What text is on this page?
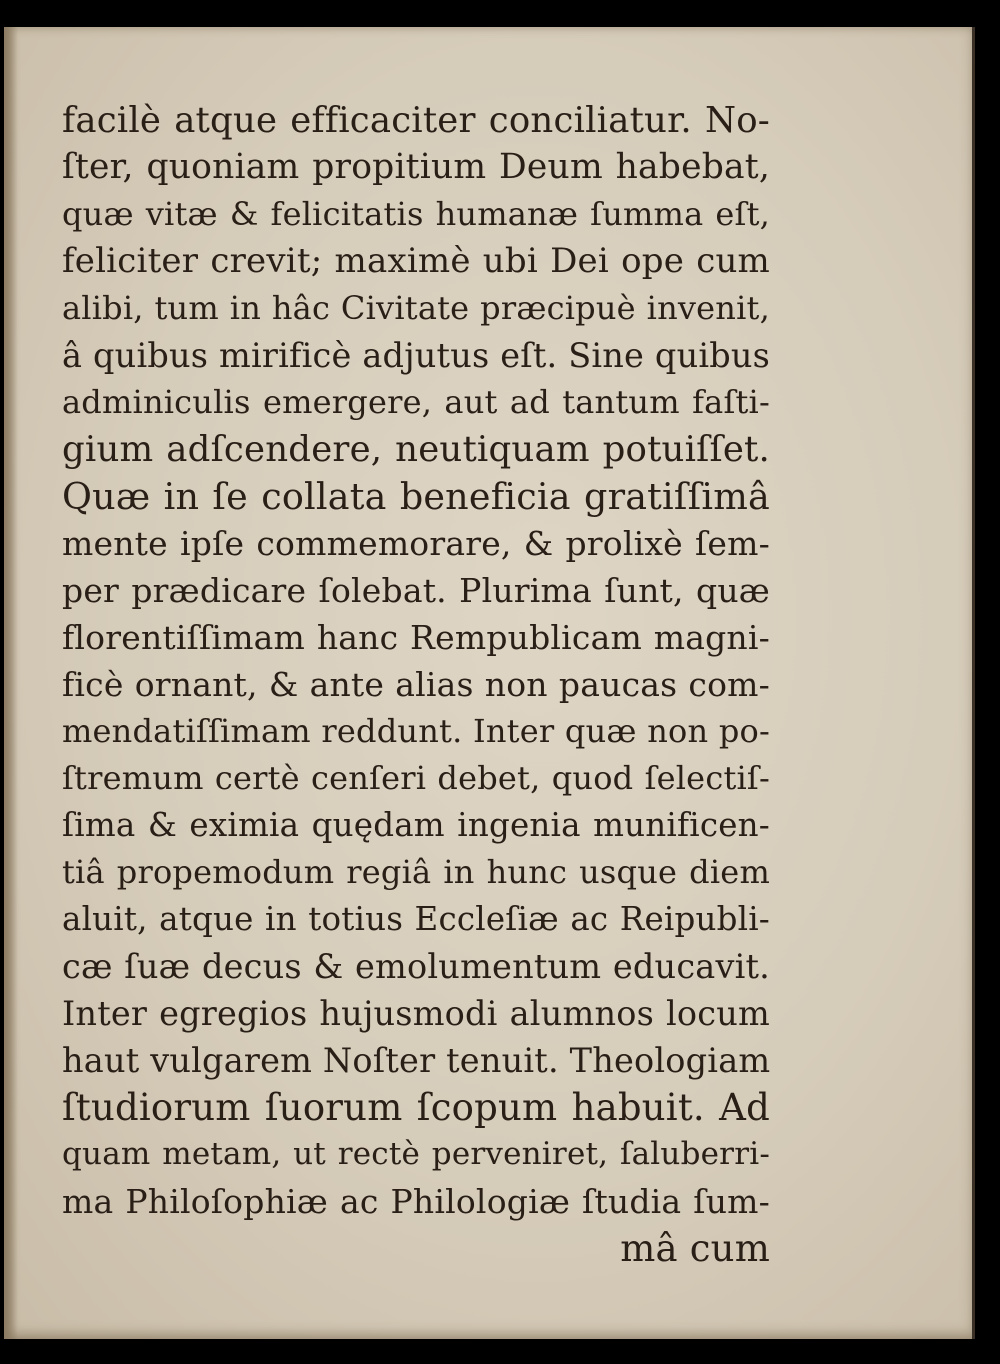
facilè atque efficaciter conciliatur. No-
ſter, quoniam propitium Deum habebat,
quæ vitæ & felicitatis humanæ ſumma eſt,
feliciter crevit; maximè ubi Dei ope cum
alibi, tum in hâc Civitate præcipuè invenit,
â quibus mirificè adjutus eſt. Sine quibus
adminiculis emergere, aut ad tantum faſti-
gium adſcendere, neutiquam potuiſſet.
Quæ in ſe collata beneficia gratiſſimâ
mente ipſe commemorare, & prolixè ſem-
per prædicare ſolebat. Plurima ſunt, quæ
florentiſſimam hanc Rempublicam magni-
ficè ornant, & ante alias non paucas com-
mendatiſſimam reddunt. Inter quæ non po-
ſtremum certè cenſeri debet, quod ſelectiſ-
ſima & eximia quędam ingenia munificen-
tiâ propemodum regiâ in hunc usque diem
aluit, atque in totius Eccleſiæ ac Reipubli-
cæ ſuæ decus & emolumentum educavit.
Inter egregios hujusmodi alumnos locum
haut vulgarem Noſter tenuit. Theologiam
ſtudiorum ſuorum ſcopum habuit. Ad
quam metam, ut rectè perveniret, ſaluberri-
ma Philoſophiæ ac Philologiæ ſtudia ſum-
mâ cum
